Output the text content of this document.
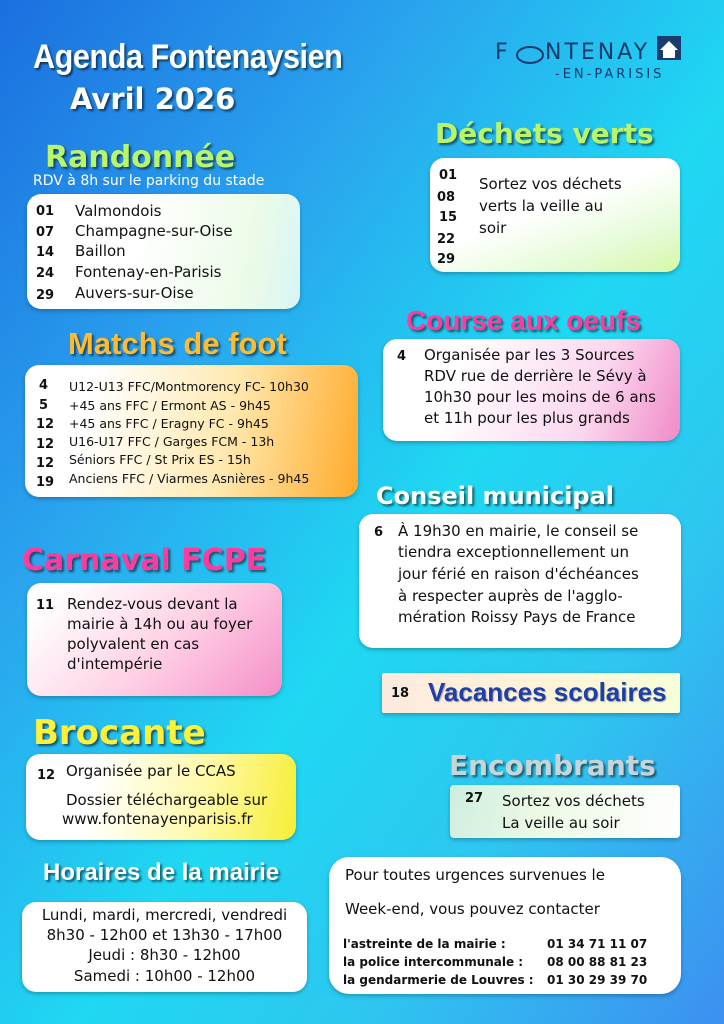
Agenda Fontenaysien
Avril 2026
F NTENAY
-EN-PARISIS
Randonnée
RDV à 8h sur le parking du stade
01 Valmondois
07 Champagne-sur-Oise
14 Baillon
24 Fontenay-en-Parisis
29 Auvers-sur-Oise
Matchs de foot
4 U12-U13 FFC/Montmorency FC- 10h30
5 +45 ans FFC / Ermont AS - 9h45
12 +45 ans FFC / Eragny FC - 9h45
12 U16-U17 FFC / Garges FCM - 13h
12 Séniors FFC / St Prix ES - 15h
19 Anciens FFC / Viarmes Asnières - 9h45
Carnaval FCPE
11 Rendez-vous devant la
mairie à 14h ou au foyer
polyvalent en cas
d'intempérie
Brocante
12 Organisée par le CCAS
Dossier téléchargeable sur
www.fontenayenparisis.fr
Horaires de la mairie
Lundi, mardi, mercredi, vendredi
8h30 - 12h00 et 13h30 - 17h00
Jeudi : 8h30 - 12h00
Samedi : 10h00 - 12h00
Déchets verts
01
08
15
22
29
Sortez vos déchets
verts la veille au
soir
Course aux oeufs
4 Organisée par les 3 Sources
RDV rue de derrière le Sévy à
10h30 pour les moins de 6 ans
et 11h pour les plus grands
Conseil municipal
6 À 19h30 en mairie, le conseil se
tiendra exceptionnellement un
jour férié en raison d'échéances
à respecter auprès de l'agglo-
mération Roissy Pays de France
18 Vacances scolaires
Encombrants
27 Sortez vos déchets
La veille au soir
Pour toutes urgences survenues le
Week-end, vous pouvez contacter
l'astreinte de la mairie :	01 34 71 11 07
la police intercommunale : 08 00 88 81 23
la gendarmerie de Louvres : 01 30 29 39 70
